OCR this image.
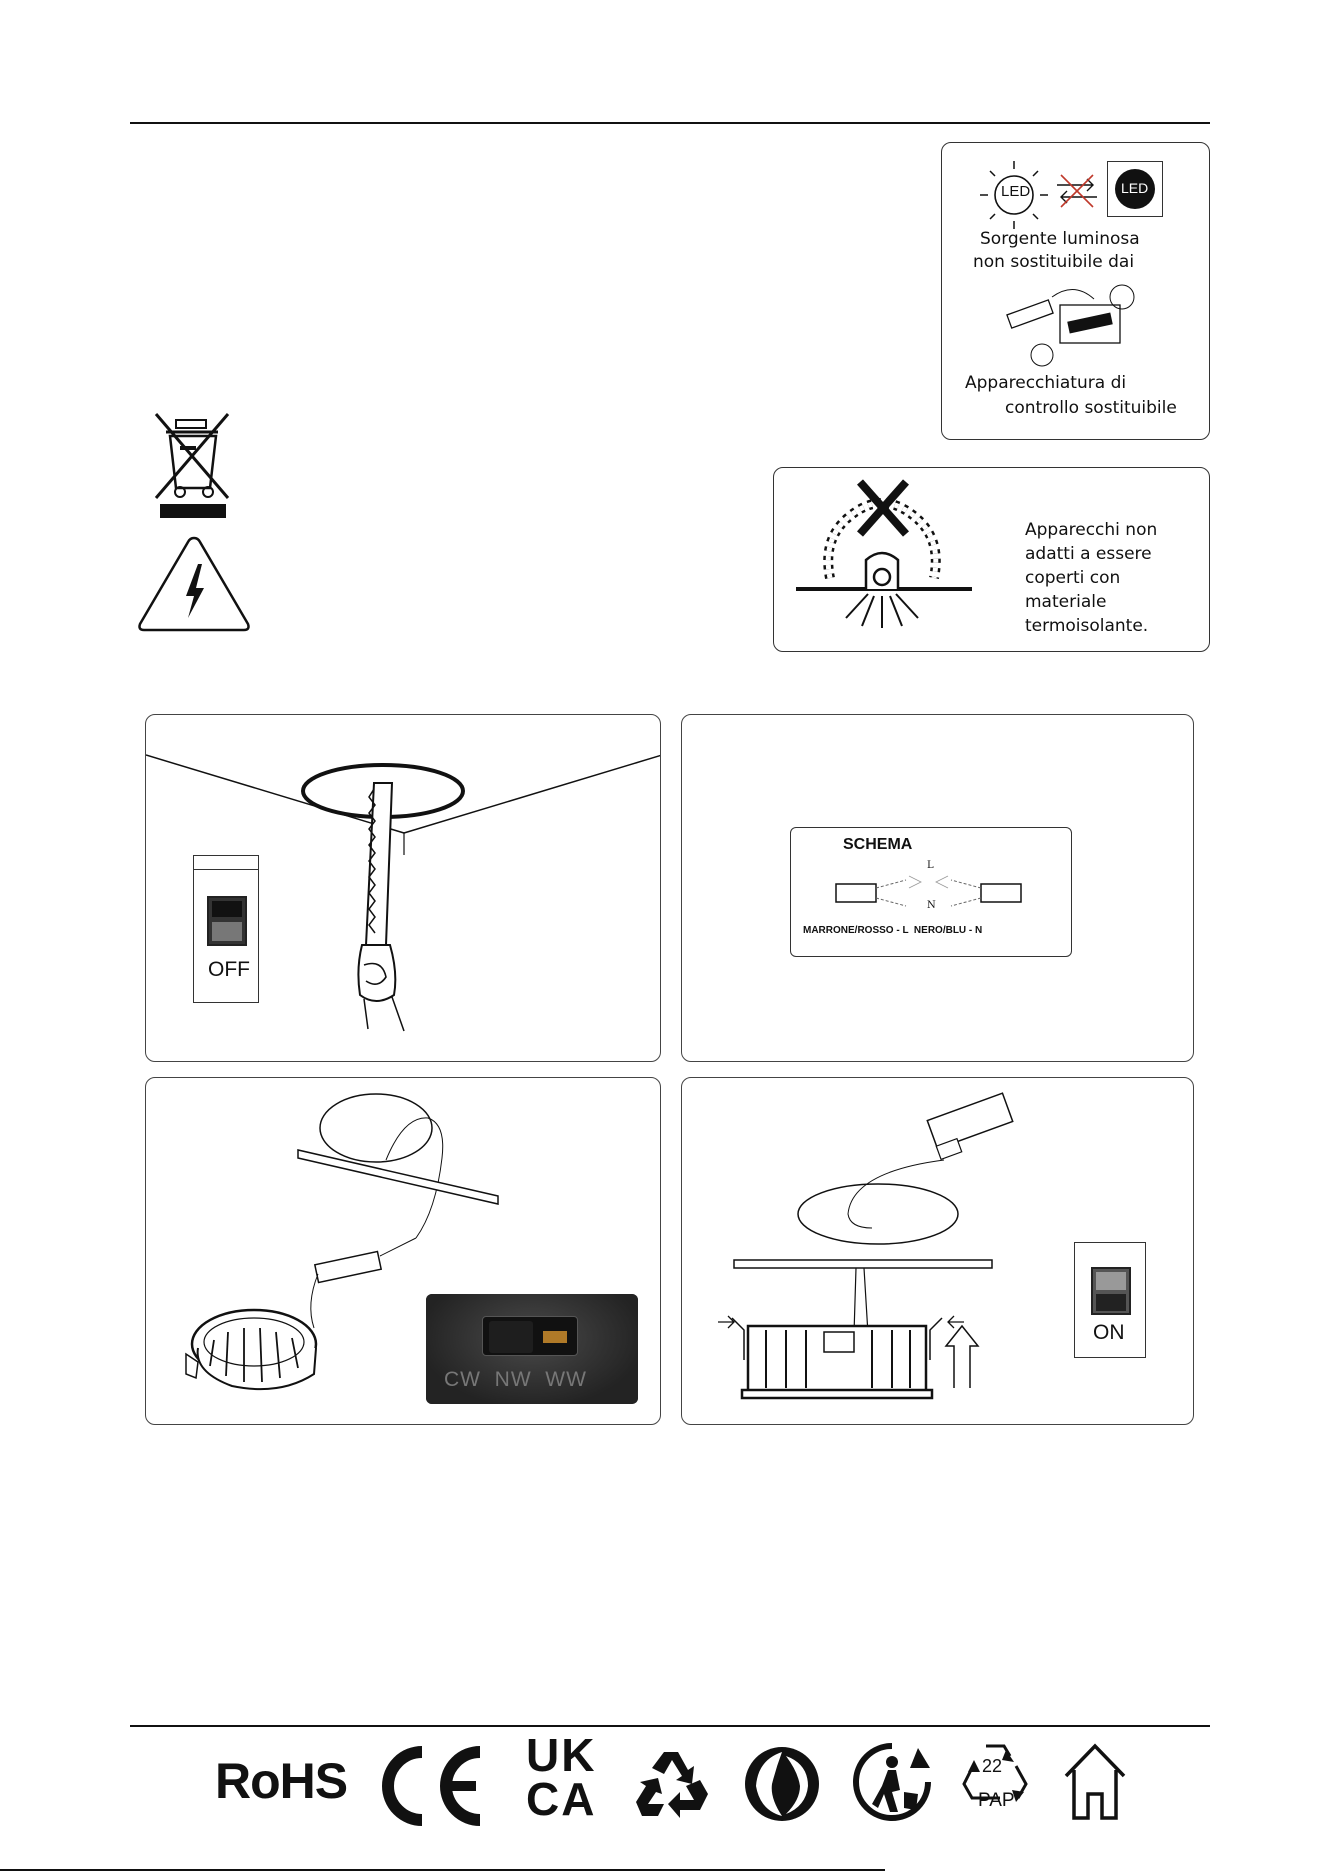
LED	LED
Sorgente luminosa
non sostituibile dai
Apparecchiatura di
controllo sostituibile
Apparecchi non
adatti a essere
coperti con
materiale
termoisolante.
OFF
SCHEMA
L
N
MARRONE/ROSSO - L  NERO/BLU - N
CW  NW  WW
ON
RoHS	UK
CA
22
PAP
